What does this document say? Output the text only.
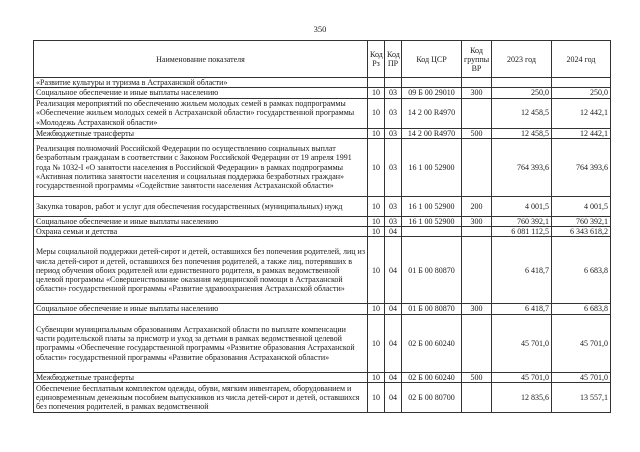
350
Наименование показателя	Код Рз	Код ПР	Код ЦСР	Код группы ВР	2023 год	2024 год
«Развитие культуры и туризма в Астраханской области»						
Социальное обеспечение и иные выплаты населению	10	03	09 Б 00 29010	300	250,0	250,0
Реализация мероприятий по обеспечению жильем молодых семей в рамках подпрограммы «Обеспечение жильем молодых семей в Астраханской области» государственной программы «Молодежь Астраханской области»	10	03	14 2 00 R4970		12 458,5	12 442,1
Межбюджетные трансферты	10	03	14 2 00 R4970	500	12 458,5	12 442,1
Реализация полномочий Российской Федерации по осуществлению социальных выплат безработным гражданам в соответствии с Законом Российской Федерации от 19 апреля 1991 года № 1032-I «О занятости населения в Российской Федерации» в рамках подпрограммы «Активная политика занятости населения и социальная поддержка безработных граждан» государственной программы «Содействие занятости населения Астраханской области»	10	03	16 1 00 52900		764 393,6	764 393,6
Закупка товаров, работ и услуг для обеспечения государственных (муниципальных) нужд	10	03	16 1 00 52900	200	4 001,5	4 001,5
Социальное обеспечение и иные выплаты населению	10	03	16 1 00 52900	300	760 392,1	760 392,1
Охрана семьи и детства	10	04			6 081 112,5	6 343 618,2
Меры социальной поддержки детей-сирот и детей, оставшихся без попечения родителей, лиц из числа детей-сирот и детей, оставшихся без попечения родителей, а также лиц, потерявших в период обучения обоих родителей или единственного родителя, в рамках ведомственной целевой программы «Совершенствование оказания медицинской помощи в Астраханской области» государственной программы «Развитие здравоохранения Астраханской области»	10	04	01 Б 00 80870		6 418,7	6 683,8
Социальное обеспечение и иные выплаты населению	10	04	01 Б 00 80870	300	6 418,7	6 683,8
Субвенции муниципальным образованиям Астраханской области по выплате компенсации части родительской платы за присмотр и уход за детьми в рамках ведомственной целевой программы «Обеспечение государственной программы «Развитие образования Астраханской области» государственной программы «Развитие образования Астраханской области»	10	04	02 Б 00 60240		45 701,0	45 701,0
Межбюджетные трансферты	10	04	02 Б 00 60240	500	45 701,0	45 701,0
Обеспечение бесплатным комплектом одежды, обуви, мягким инвентарем, оборудованием и единовременным денежным пособием выпускников из числа детей-сирот и детей, оставшихся без попечения родителей, в рамках ведомственной	10	04	02 Б 00 80700		12 835,6	13 557,1
